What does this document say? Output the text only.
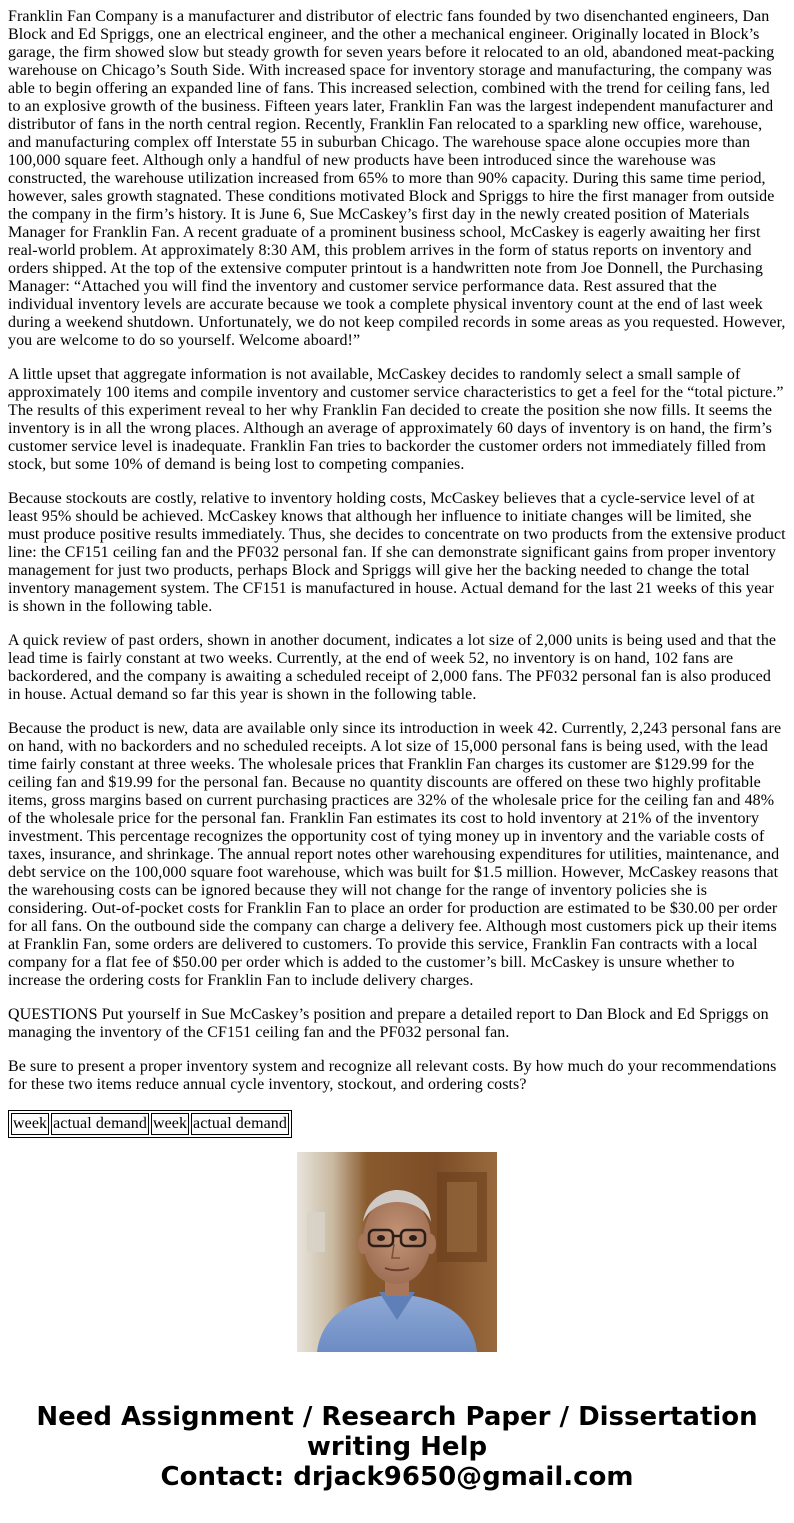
Franklin Fan Company is a manufacturer and distributor of electric fans founded by two disenchanted engineers, Dan Block and Ed Spriggs, one an electrical engineer, and the other a mechanical engineer. Originally located in Block’s garage, the firm showed slow but steady growth for seven years before it relocated to an old, abandoned meat-packing warehouse on Chicago’s South Side. With increased space for inventory storage and manufacturing, the company was able to begin offering an expanded line of fans. This increased selection, combined with the trend for ceiling fans, led to an explosive growth of the business. Fifteen years later, Franklin Fan was the largest independent manufacturer and distributor of fans in the north central region. Recently, Franklin Fan relocated to a sparkling new office, warehouse, and manufacturing complex off Interstate 55 in suburban Chicago. The warehouse space alone occupies more than 100,000 square feet. Although only a handful of new products have been introduced since the warehouse was constructed, the warehouse utilization increased from 65% to more than 90% capacity. During this same time period, however, sales growth stagnated. These conditions motivated Block and Spriggs to hire the first manager from outside the company in the firm’s history. It is June 6, Sue McCaskey’s first day in the newly created position of Materials Manager for Franklin Fan. A recent graduate of a prominent business school, McCaskey is eagerly awaiting her first real-world problem. At approximately 8:30 AM, this problem arrives in the form of status reports on inventory and orders shipped. At the top of the extensive computer printout is a handwritten note from Joe Donnell, the Purchasing Manager: “Attached you will find the inventory and customer service performance data. Rest assured that the individual inventory levels are accurate because we took a complete physical inventory count at the end of last week during a weekend shutdown. Unfortunately, we do not keep compiled records in some areas as you requested. However, you are welcome to do so yourself. Welcome aboard!”

A little upset that aggregate information is not available, McCaskey decides to randomly select a small sample of approximately 100 items and compile inventory and customer service characteristics to get a feel for the “total picture.” The results of this experiment reveal to her why Franklin Fan decided to create the position she now fills. It seems the inventory is in all the wrong places. Although an average of approximately 60 days of inventory is on hand, the firm’s customer service level is inadequate. Franklin Fan tries to backorder the customer orders not immediately filled from stock, but some 10% of demand is being lost to competing companies.

Because stockouts are costly, relative to inventory holding costs, McCaskey believes that a cycle-service level of at least 95% should be achieved. McCaskey knows that although her influence to initiate changes will be limited, she must produce positive results immediately. Thus, she decides to concentrate on two products from the extensive product line: the CF151 ceiling fan and the PF032 personal fan. If she can demonstrate significant gains from proper inventory management for just two products, perhaps Block and Spriggs will give her the backing needed to change the total inventory management system. The CF151 is manufactured in house. Actual demand for the last 21 weeks of this year is shown in the following table.

A quick review of past orders, shown in another document, indicates a lot size of 2,000 units is being used and that the lead time is fairly constant at two weeks. Currently, at the end of week 52, no inventory is on hand, 102 fans are backordered, and the company is awaiting a scheduled receipt of 2,000 fans. The PF032 personal fan is also produced in house. Actual demand so far this year is shown in the following table.

Because the product is new, data are available only since its introduction in week 42. Currently, 2,243 personal fans are on hand, with no backorders and no scheduled receipts. A lot size of 15,000 personal fans is being used, with the lead time fairly constant at three weeks. The wholesale prices that Franklin Fan charges its customer are $129.99 for the ceiling fan and $19.99 for the personal fan. Because no quantity discounts are offered on these two highly profitable items, gross margins based on current purchasing practices are 32% of the wholesale price for the ceiling fan and 48% of the wholesale price for the personal fan. Franklin Fan estimates its cost to hold inventory at 21% of the inventory investment. This percentage recognizes the opportunity cost of tying money up in inventory and the variable costs of taxes, insurance, and shrinkage. The annual report notes other warehousing expenditures for utilities, maintenance, and debt service on the 100,000 square foot warehouse, which was built for $1.5 million. However, McCaskey reasons that the warehousing costs can be ignored because they will not change for the range of inventory policies she is considering. Out-of-pocket costs for Franklin Fan to place an order for production are estimated to be $30.00 per order for all fans. On the outbound side the company can charge a delivery fee. Although most customers pick up their items at Franklin Fan, some orders are delivered to customers. To provide this service, Franklin Fan contracts with a local company for a flat fee of $50.00 per order which is added to the customer’s bill. McCaskey is unsure whether to increase the ordering costs for Franklin Fan to include delivery charges.

QUESTIONS Put yourself in Sue McCaskey’s position and prepare a detailed report to Dan Block and Ed Spriggs on managing the inventory of the CF151 ceiling fan and the PF032 personal fan.

Be sure to present a proper inventory system and recognize all relevant costs. By how much do your recommendations for these two items reduce annual cycle inventory, stockout, and ordering costs?

week	actual demand	week	actual demand
Need Assignment / Research Paper / Dissertation
writing Help
Contact: drjack9650@gmail.com
